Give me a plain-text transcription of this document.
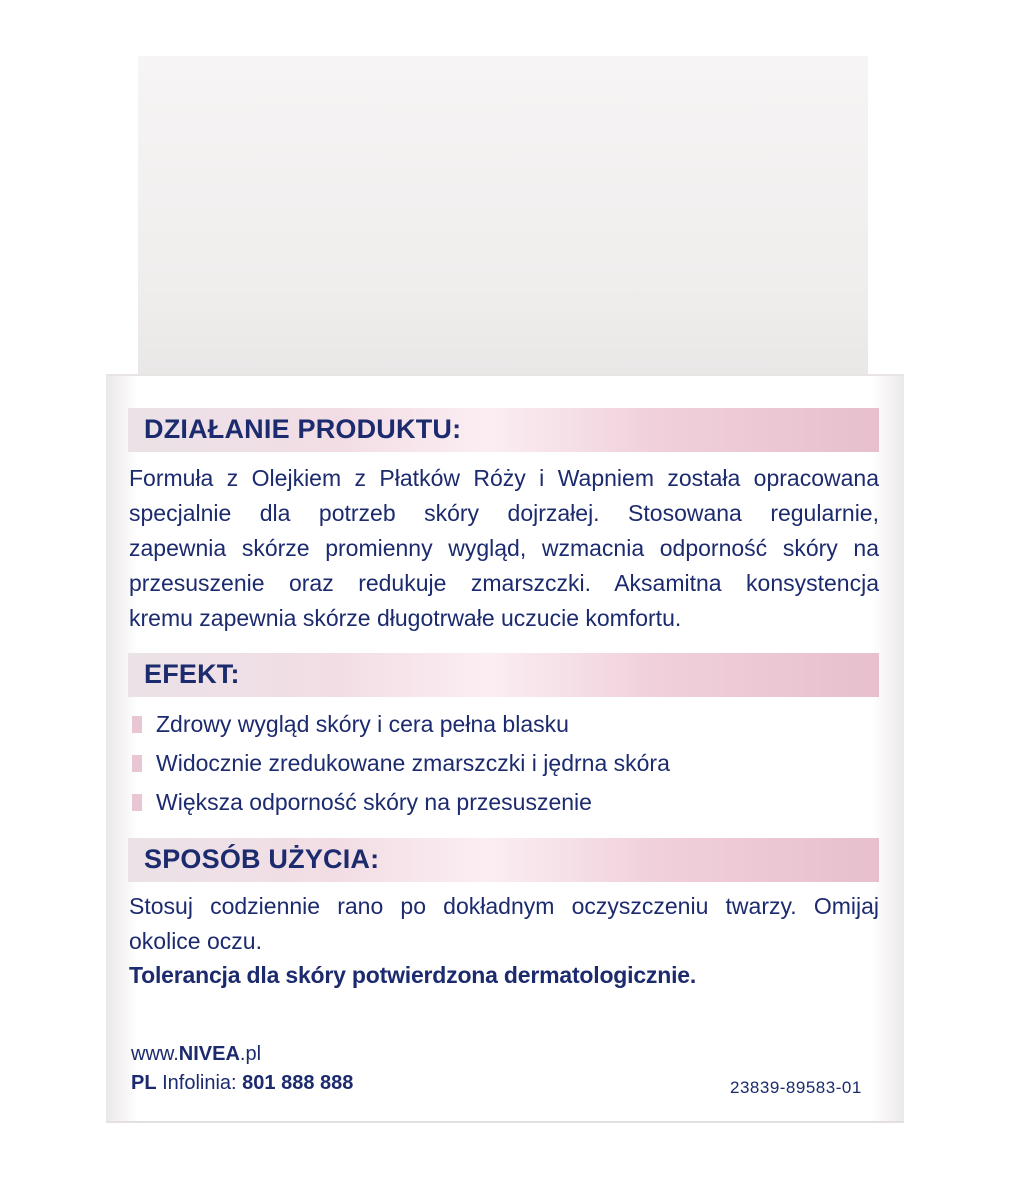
DZIAŁANIE PRODUKTU:

Formuła z Olejkiem z Płatków Róży i Wapniem została opracowana

specjalnie dla potrzeb skóry dojrzałej. Stosowana regularnie,

zapewnia skórze promienny wygląd, wzmacnia odporność skóry na

przesuszenie oraz redukuje zmarszczki. Aksamitna konsystencja

kremu zapewnia skórze długotrwałe uczucie komfortu.

EFEKT:
Zdrowy wygląd skóry i cera pełna blasku
Widocznie zredukowane zmarszczki i jędrna skóra
Większa odporność skóry na przesuszenie
SPOSÓB UŻYCIA:

Stosuj codziennie rano po dokładnym oczyszczeniu twarzy. Omijaj

okolice oczu.

Tolerancja dla skóry potwierdzona dermatologicznie.
www.NIVEA.pl
PL Infolinia: 801 888 888	23839-89583-01
